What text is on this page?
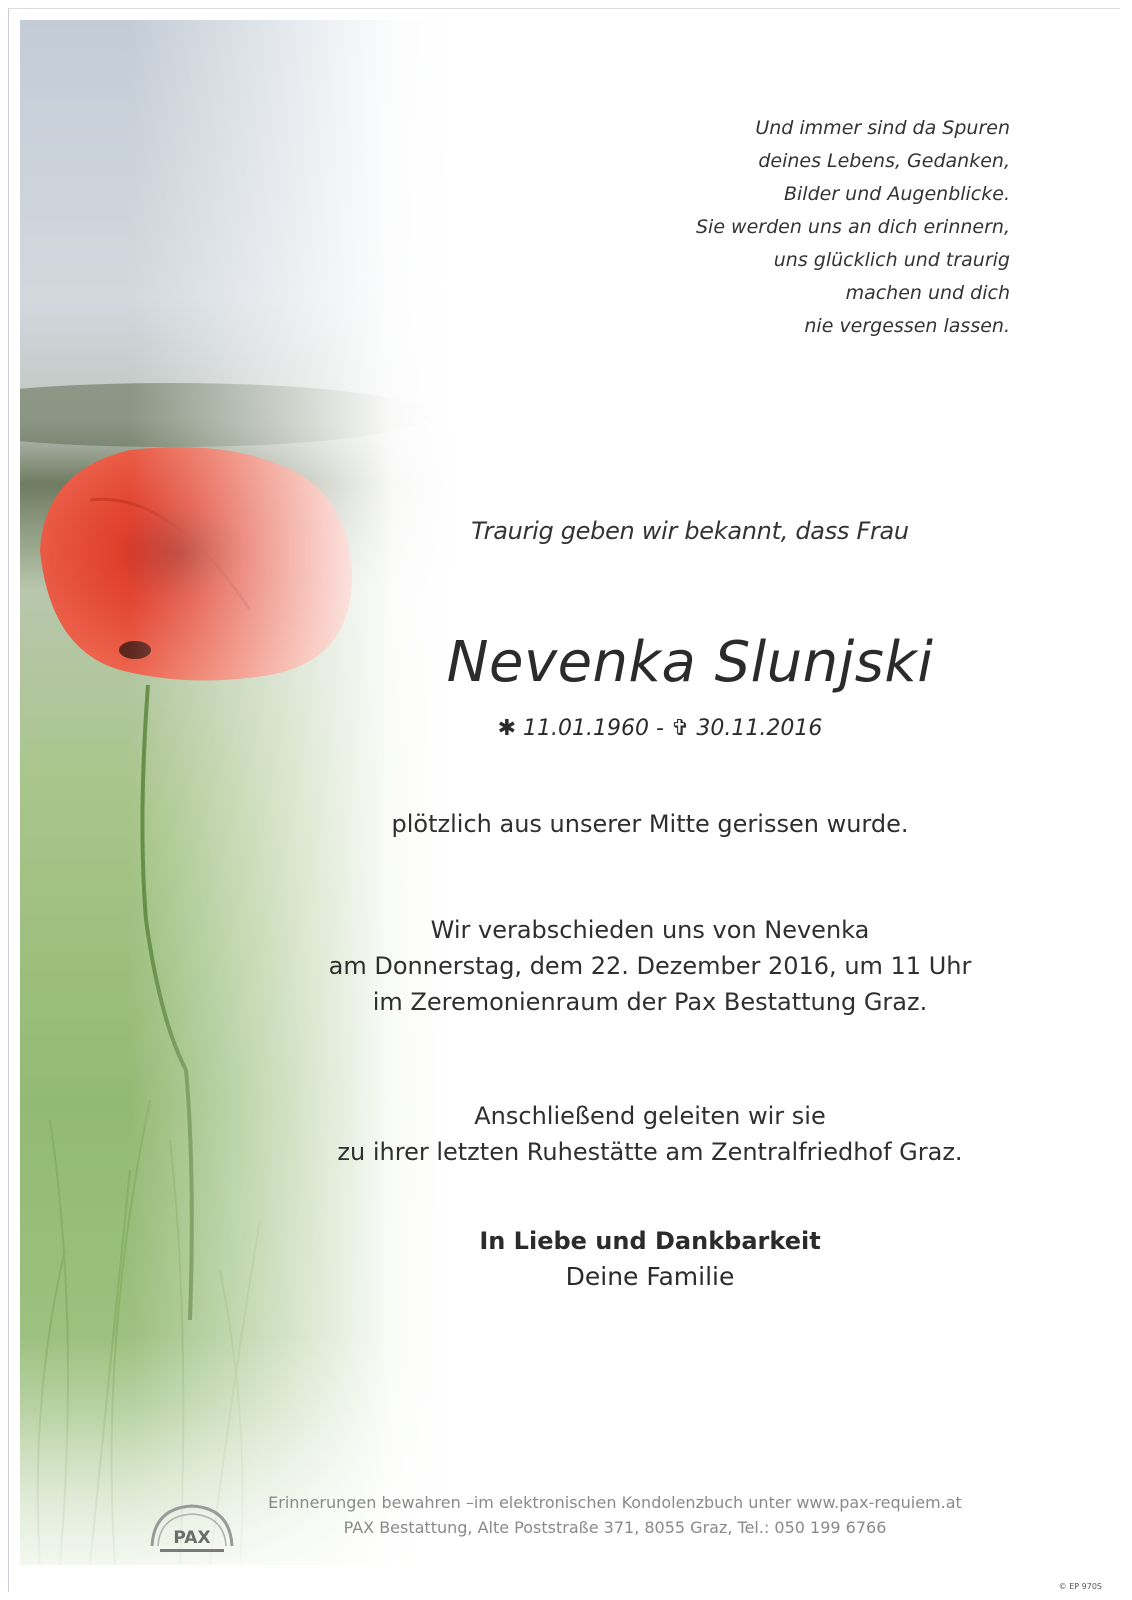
Und immer sind da Spuren
deines Lebens, Gedanken,
Bilder und Augenblicke.
Sie werden uns an dich erinnern,
uns glücklich und traurig
machen und dich
nie vergessen lassen.
Traurig geben wir bekannt, dass Frau
Nevenka Slunjski
✱ 11.01.1960 - ✞ 30.11.2016
plötzlich aus unserer Mitte gerissen wurde.
Wir verabschieden uns von Nevenka
am Donnerstag, dem 22. Dezember 2016, um 11 Uhr
im Zeremonienraum der Pax Bestattung Graz.
Anschließend geleiten wir sie
zu ihrer letzten Ruhestätte am Zentralfriedhof Graz.
In Liebe und Dankbarkeit
Deine Familie
PAX
Erinnerungen bewahren –im elektronischen Kondolenzbuch unter www.pax-requiem.at
PAX Bestattung, Alte Poststraße 371, 8055 Graz, Tel.: 050 199 6766
© EP 970S
